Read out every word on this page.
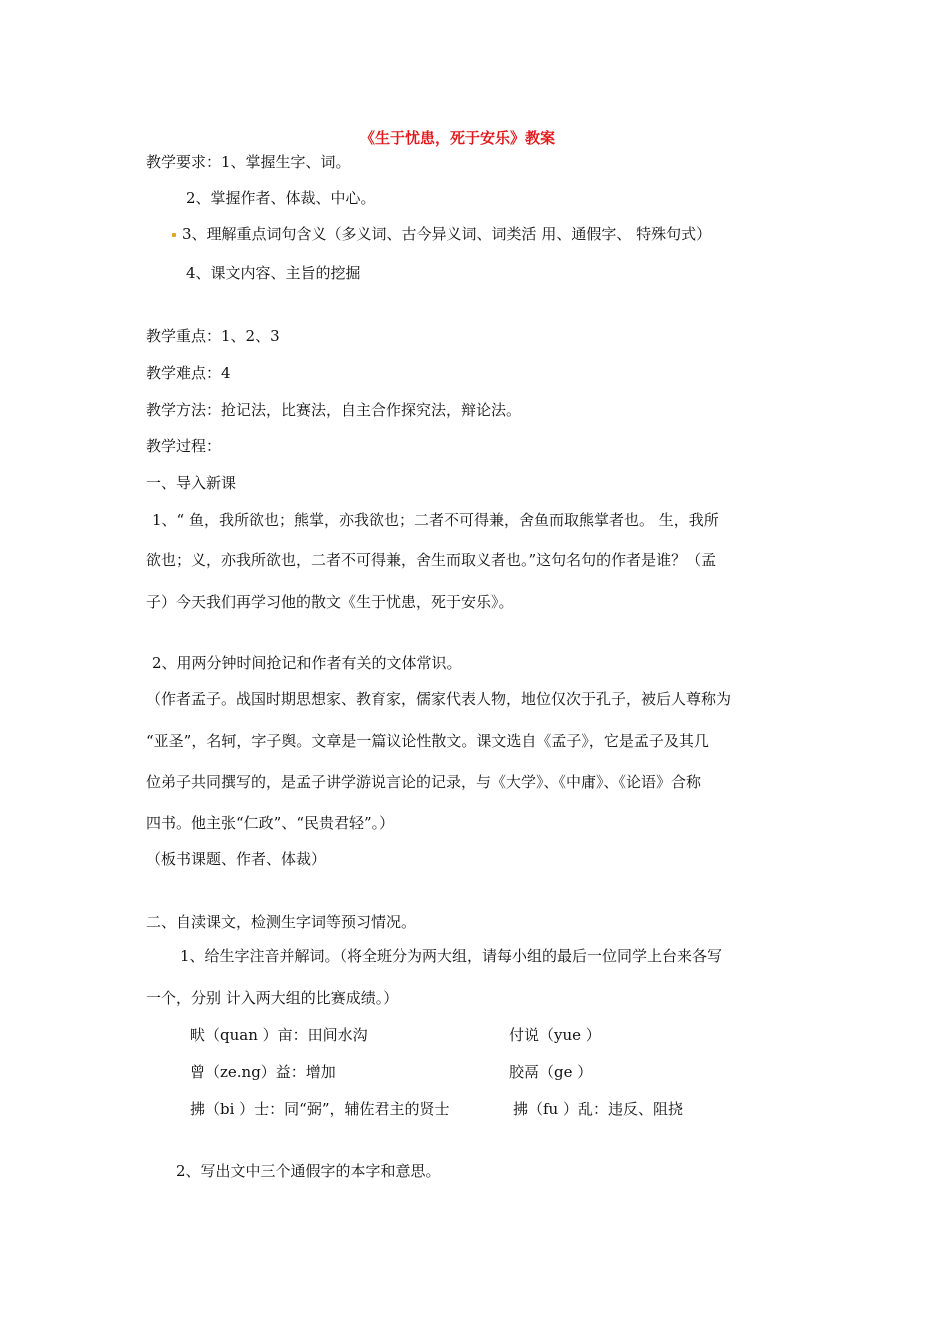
《生于忧患，死于安乐》教案
教学要求：1、掌握生字、词。
2、掌握作者、体裁、中心。
3、理解重点词句含义（多义词、古今异义词、词类活 用、通假字、 特殊句式）
4、课文内容、主旨的挖掘
教学重点：1、2、3
教学难点：4
教学方法：抢记法，比赛法，自主合作探究法，辩论法。
教学过程：
一、导入新课
1、“ 鱼，我所欲也；熊掌，亦我欲也；二者不可得兼，舍鱼而取熊掌者也。 生，我所
欲也；义，亦我所欲也，二者不可得兼，舍生而取义者也。”这句名句的作者是谁？（孟
子）今天我们再学习他的散文《生于忧患，死于安乐》。
2、用两分钟时间抢记和作者有关的文体常识。
（作者孟子。战国时期思想家、教育家，儒家代表人物，地位仅次于孔子，被后人尊称为
“亚圣”，名轲，字子舆。文章是一篇议论性散文。课文选自《孟子》，它是孟子及其几
位弟子共同撰写的，是孟子讲学游说言论的记录，与《大学》、《中庸》、《论语》合称
四书。他主张“仁政”、“民贵君轻”。）
（板书课题、作者、体裁）
二、自渎课文，检测生字词等预习情况。
1、给生字注音并解词。（将全班分为两大组，请每小组的最后一位同学上台来各写
一个，分别 计入两大组的比赛成绩。）
畎（quan ）亩：田间水沟	付说（yue ）
曾（ze.ng）益：增加	胶鬲（ge ）
拂（bi ）士：同“弼”，辅佐君主的贤士	拂（fu ）乱：违反、阻挠
2、写出文中三个通假字的本字和意思。
